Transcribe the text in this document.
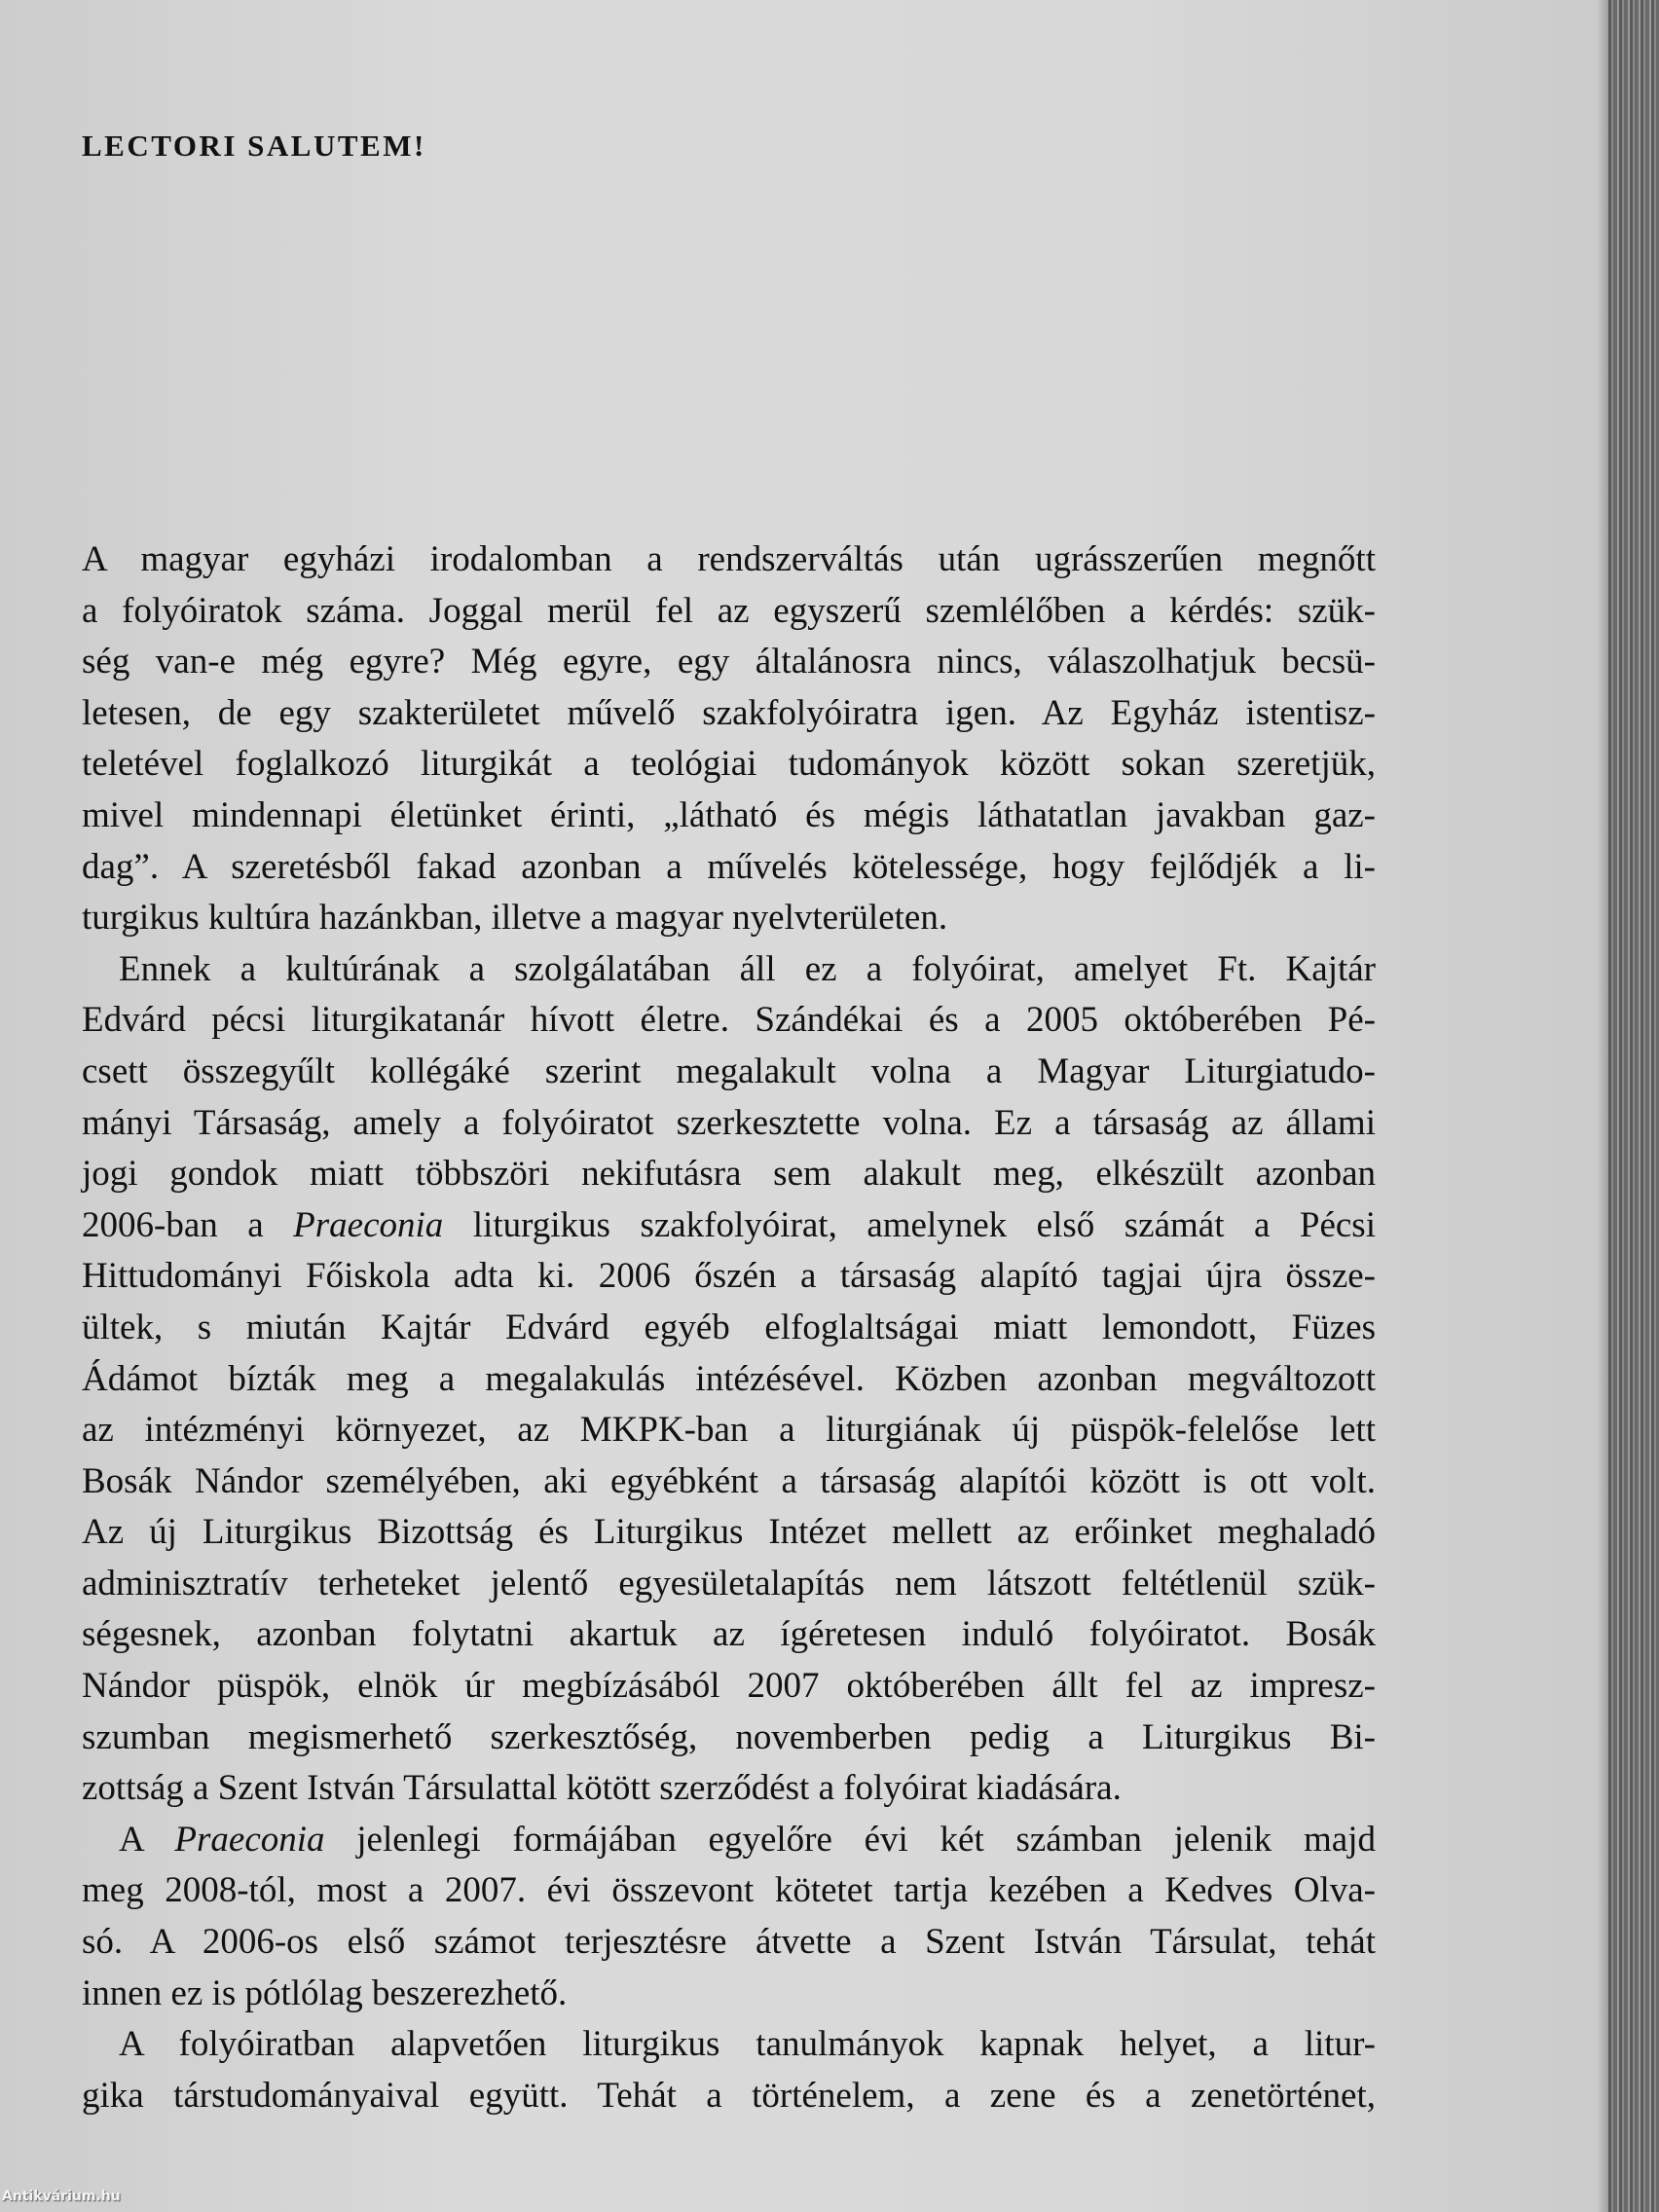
LECTORI SALUTEM!
A magyar egyházi irodalomban a rendszerváltás után ugrásszerűen megnőtt
a folyóiratok száma. Joggal merül fel az egyszerű szemlélőben a kérdés: szük-
ség van-e még egyre? Még egyre, egy általánosra nincs, válaszolhatjuk becsü-
letesen, de egy szakterületet művelő szakfolyóiratra igen. Az Egyház istentisz-
teletével foglalkozó liturgikát a teológiai tudományok között sokan szeretjük,
mivel mindennapi életünket érinti, „látható és mégis láthatatlan javakban gaz-
dag”. A szeretésből fakad azonban a művelés kötelessége, hogy fejlődjék a li-
turgikus kultúra hazánkban, illetve a magyar nyelvterületen.
Ennek a kultúrának a szolgálatában áll ez a folyóirat, amelyet Ft. Kajtár
Edvárd pécsi liturgikatanár hívott életre. Szándékai és a 2005 októberében Pé-
csett összegyűlt kollégáké szerint megalakult volna a Magyar Liturgiatudo-
mányi Társaság, amely a folyóiratot szerkesztette volna. Ez a társaság az állami
jogi gondok miatt többszöri nekifutásra sem alakult meg, elkészült azonban
2006-ban a Praeconia liturgikus szakfolyóirat, amelynek első számát a Pécsi
Hittudományi Főiskola adta ki. 2006 őszén a társaság alapító tagjai újra össze-
ültek, s miután Kajtár Edvárd egyéb elfoglaltságai miatt lemondott, Füzes
Ádámot bízták meg a megalakulás intézésével. Közben azonban megváltozott
az intézményi környezet, az MKPK-ban a liturgiának új püspök-felelőse lett
Bosák Nándor személyében, aki egyébként a társaság alapítói között is ott volt.
Az új Liturgikus Bizottság és Liturgikus Intézet mellett az erőinket meghaladó
adminisztratív terheteket jelentő egyesületalapítás nem látszott feltétlenül szük-
ségesnek, azonban folytatni akartuk az ígéretesen induló folyóiratot. Bosák
Nándor püspök, elnök úr megbízásából 2007 októberében állt fel az impresz-
szumban megismerhető szerkesztőség, novemberben pedig a Liturgikus Bi-
zottság a Szent István Társulattal kötött szerződést a folyóirat kiadására.
A Praeconia jelenlegi formájában egyelőre évi két számban jelenik majd
meg 2008-tól, most a 2007. évi összevont kötetet tartja kezében a Kedves Olva-
só. A 2006-os első számot terjesztésre átvette a Szent István Társulat, tehát
innen ez is pótlólag beszerezhető.
A folyóiratban alapvetően liturgikus tanulmányok kapnak helyet, a litur-
gika társtudományaival együtt. Tehát a történelem, a zene és a zenetörténet,
Antikvárium.hu
